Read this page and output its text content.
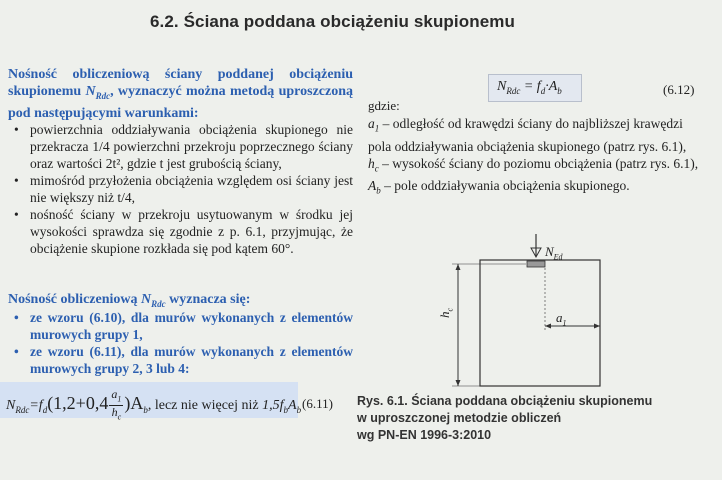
6.2. Ściana poddana obciążeniu skupionemu
Nośność obliczeniową ściany poddanej obciążeniu skupionemu $N_{Rdc}$, wyznaczyć można metodą uproszczoną pod następującymi warunkami:
• powierzchnia oddziaływania obciążenia skupionego nie przekracza 1/4 powierzchni przekroju poprzecznego ściany oraz wartości 2t², gdzie t jest grubością ściany,
• mimośród przyłożenia obciążenia względem osi ściany jest nie większy niż t/4,
• nośność ściany w przekroju usytuowanym w środku jej wysokości sprawdza się zgodnie z p. 6.1, przyjmując, że obciążenie skupione rozkłada się pod kątem 60°.
Nośność obliczeniową $N_{Rdc}$ wyznacza się:
• ze wzoru (6.10), dla murów wykonanych z elementów murowych grupy 1,
• ze wzoru (6.11), dla murów wykonanych z elementów murowych grupy 2, 3 lub 4:
$N_{Rdc}=f_d(1,2+0,4 \frac{a_1}{h_c} )A_b$, lecz nie więcej niż $1,5f_bA_b$ (6.11)
$N_{Rdc} = f_d\cdot A_b$	(6.12)
gdzie:

$a_1$ – odległość od krawędzi ściany do najbliższej krawędzi pola oddziaływania obciążenia skupionego (patrz rys. 6.1),

$h_c$ – wysokość ściany do poziomu obciążenia (patrz rys. 6.1),

$A_b$ – pole oddziaływania obciążenia skupionego.

$N_{Ed}$
$a_1$
$h_c$
Rys. 6.1. Ściana poddana obciążeniu skupionemu
w uproszczonej metodzie obliczeń
wg PN-EN 1996-3:2010
